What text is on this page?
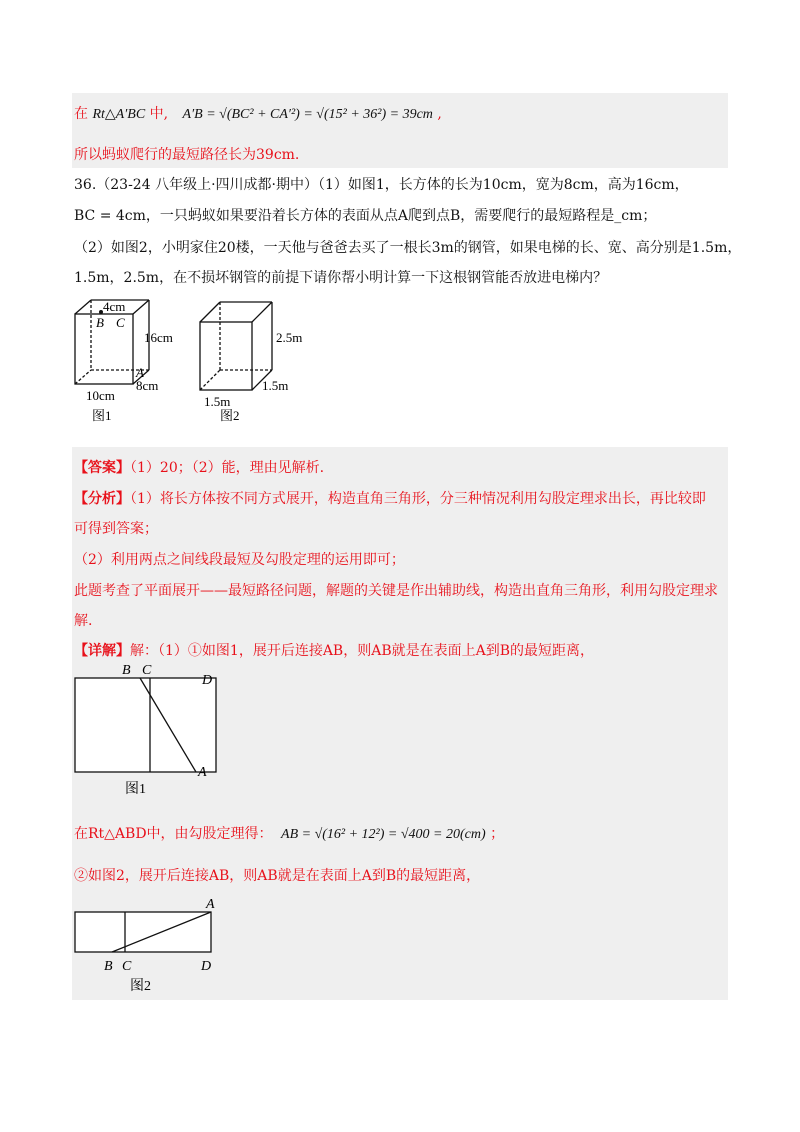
在 Rt△A′BC 中, A′B = √(BC² + CA′²) = √(15² + 36²) = 39cm ,
所以蚂蚁爬行的最短路径长为39cm.
36.（23-24 八年级上·四川成都·期中）（1）如图1，长方体的长为10cm，宽为8cm，高为16cm，
BC = 4cm，一只蚂蚁如果要沿着长方体的表面从点A爬到点B，需要爬行的最短路程是_cm；
（2）如图2，小明家住20楼，一天他与爸爸去买了一根长3m的钢管，如果电梯的长、宽、高分别是1.5m，
1.5m，2.5m，在不损坏钢管的前提下请你帮小明计算一下这根钢管能否放进电梯内？
4cm
B C
16cm
A
8cm
10cm
图1
2.5m
1.5m
1.5m
图2
【答案】（1）20；（2）能，理由见解析.
【分析】（1）将长方体按不同方式展开，构造直角三角形，分三种情况利用勾股定理求出长，再比较即
可得到答案；
（2）利用两点之间线段最短及勾股定理的运用即可；
此题考查了平面展开——最短路径问题，解题的关键是作出辅助线，构造出直角三角形，利用勾股定理求
解.
【详解】解：（1）①如图1，展开后连接AB，则AB就是在表面上A到B的最短距离，
B C
D
A
图1
在Rt△ABD中，由勾股定理得： AB = √(16² + 12²) = √400 = 20(cm) ；
②如图2，展开后连接AB，则AB就是在表面上A到B的最短距离，
A
B C	D
图2
